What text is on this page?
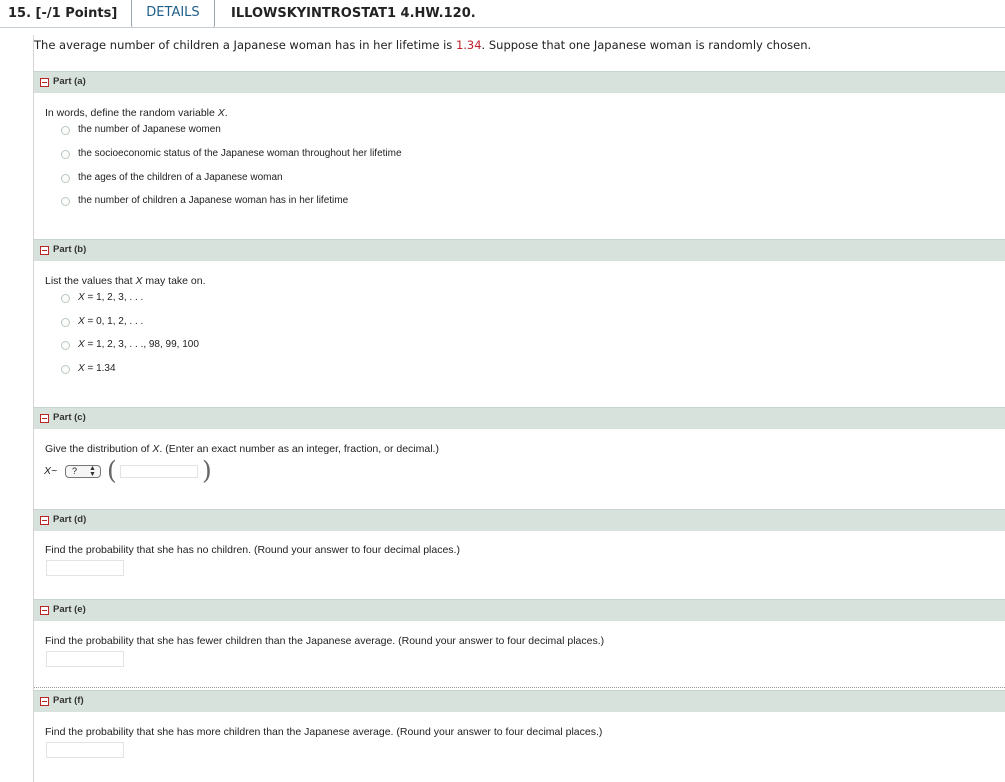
15. [-/1 Points]	DETAILS	ILLOWSKYINTROSTAT1 4.HW.120.
The average number of children a Japanese woman has in her lifetime is 1.34. Suppose that one Japanese woman is randomly chosen.
Part (a)
In words, define the random variable X.
the number of Japanese women
the socioeconomic status of the Japanese woman throughout her lifetime
the ages of the children of a Japanese woman
the number of children a Japanese woman has in her lifetime
Part (b)
List the values that X may take on.
X = 1, 2, 3, . . .
X = 0, 1, 2, . . .
X = 1, 2, 3, . . ., 98, 99, 100
X = 1.34
Part (c)
Give the distribution of X. (Enter an exact number as an integer, fraction, or decimal.)
X~ ? ▲
▼ (	)
Part (d)
Find the probability that she has no children. (Round your answer to four decimal places.)
Part (e)
Find the probability that she has fewer children than the Japanese average. (Round your answer to four decimal places.)
Part (f)
Find the probability that she has more children than the Japanese average. (Round your answer to four decimal places.)
